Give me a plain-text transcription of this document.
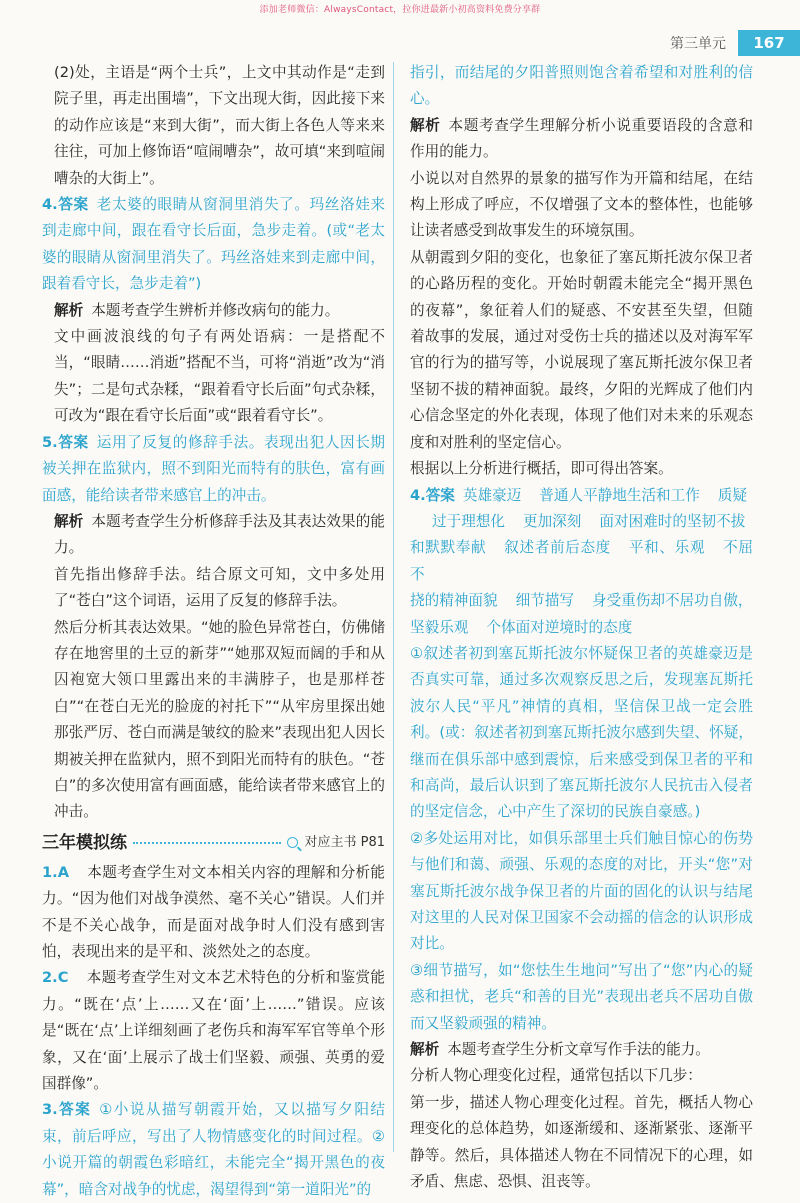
添加老师微信：AlwaysContact，拉你进最新小初高资料免费分享群
第三单元	167

(2)处，主语是“两个士兵”，上文中其动作是“走到院子里，再走出围墙”，下文出现大街，因此接下来的动作应该是“来到大街”，而大街上各色人等来来往往，可加上修饰语“喧闹嘈杂”，故可填“来到喧闹嘈杂的大街上”。

4.答案 老太婆的眼睛从窗洞里消失了。玛丝洛娃来到走廊中间，跟在看守长后面，急步走着。(或“老太婆的眼睛从窗洞里消失了。玛丝洛娃来到走廊中间，跟着看守长，急步走着”)

解析 本题考查学生辨析并修改病句的能力。

文中画波浪线的句子有两处语病：一是搭配不当，“眼睛……消逝”搭配不当，可将“消逝”改为“消失”；二是句式杂糅，“跟着看守长后面”句式杂糅，可改为“跟在看守长后面”或“跟着看守长”。

5.答案 运用了反复的修辞手法。表现出犯人因长期被关押在监狱内，照不到阳光而特有的肤色，富有画面感，能给读者带来感官上的冲击。

解析 本题考查学生分析修辞手法及其表达效果的能力。

首先指出修辞手法。结合原文可知，文中多处用了“苍白”这个词语，运用了反复的修辞手法。

然后分析其表达效果。“她的脸色异常苍白，仿佛储存在地窖里的土豆的新芽”“她那双短而阔的手和从囚袍宽大领口里露出来的丰满脖子，也是那样苍白”“在苍白无光的脸庞的衬托下”“从牢房里探出她那张严厉、苍白而满是皱纹的脸来”表现出犯人因长期被关押在监狱内，照不到阳光而特有的肤色。“苍白”的多次使用富有画面感，能给读者带来感官上的冲击。

三年模拟练	对应主书 P81

1.A 本题考查学生对文本相关内容的理解和分析能力。“因为他们对战争漠然、毫不关心”错误。人们并不是不关心战争，而是面对战争时人们没有感到害怕，表现出来的是平和、淡然处之的态度。

2.C 本题考查学生对文本艺术特色的分析和鉴赏能力。“既在‘点’上……又在‘面’上……”错误。应该是“既在‘点’上详细刻画了老伤兵和海军军官等单个形象，又在‘面’上展示了战士们坚毅、顽强、英勇的爱国群像”。

3.答案 ①小说从描写朝霞开始，又以描写夕阳结束，前后呼应，写出了人物情感变化的时间过程。②小说开篇的朝霞色彩暗红，未能完全“揭开黑色的夜幕”，暗含对战争的忧虑，渴望得到“第一道阳光”的

指引，而结尾的夕阳普照则饱含着希望和对胜利的信心。

解析 本题考查学生理解分析小说重要语段的含意和作用的能力。

小说以对自然界的景象的描写作为开篇和结尾，在结构上形成了呼应，不仅增强了文本的整体性，也能够让读者感受到故事发生的环境氛围。

从朝霞到夕阳的变化，也象征了塞瓦斯托波尔保卫者的心路历程的变化。开始时朝霞未能完全“揭开黑色的夜幕”，象征着人们的疑惑、不安甚至失望，但随着故事的发展，通过对受伤士兵的描述以及对海军军官的行为的描写等，小说展现了塞瓦斯托波尔保卫者坚韧不拔的精神面貌。最终，夕阳的光辉成了他们内心信念坚定的外化表现，体现了他们对未来的乐观态度和对胜利的坚定信心。

根据以上分析进行概括，即可得出答案。

4.答案 英雄豪迈 普通人平静地生活和工作 质疑
过于理想化 更加深刻 面对困难时的坚韧不拔
和默默奉献 叙述者前后态度 平和、乐观 不屈不
挠的精神面貌 细节描写 身受重伤却不居功自傲，
坚毅乐观 个体面对逆境时的态度

①叙述者初到塞瓦斯托波尔怀疑保卫者的英雄豪迈是否真实可靠，通过多次观察反思之后，发现塞瓦斯托波尔人民“平凡”神情的真相，坚信保卫战一定会胜利。(或：叙述者初到塞瓦斯托波尔感到失望、怀疑，继而在俱乐部中感到震惊，后来感受到保卫者的平和和高尚，最后认识到了塞瓦斯托波尔人民抗击入侵者的坚定信念，心中产生了深切的民族自豪感。)

②多处运用对比，如俱乐部里士兵们触目惊心的伤势与他们和蔼、顽强、乐观的态度的对比，开头“您”对塞瓦斯托波尔战争保卫者的片面的固化的认识与结尾对这里的人民对保卫国家不会动摇的信念的认识形成对比。

③细节描写，如“您怯生生地问”写出了“您”内心的疑惑和担忧，老兵“和善的目光”表现出老兵不居功自傲而又坚毅顽强的精神。

解析 本题考查学生分析文章写作手法的能力。

分析人物心理变化过程，通常包括以下几步：

第一步，描述人物心理变化过程。首先，概括人物心理变化的总体趋势，如逐渐缓和、逐渐紧张、逐渐平静等。然后，具体描述人物在不同情况下的心理，如矛盾、焦虑、恐惧、沮丧等。
